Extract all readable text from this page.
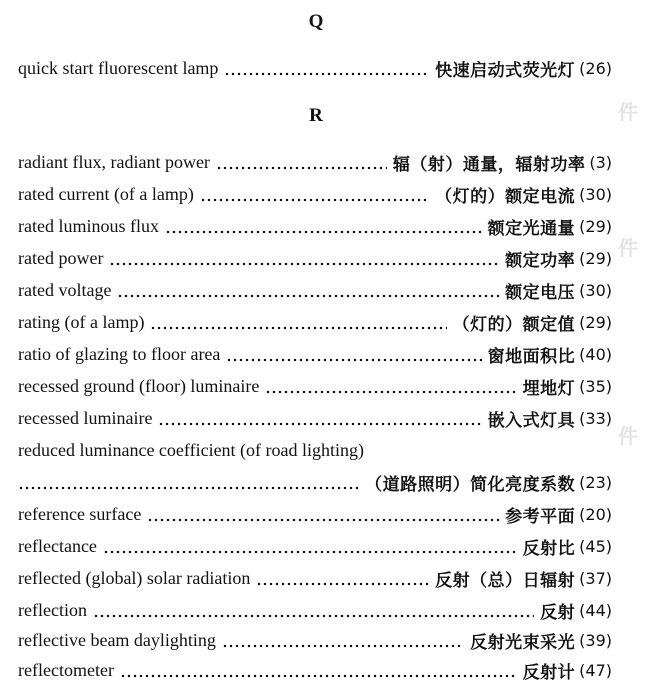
Q
quick start fluorescent lamp	快速启动式荧光灯 (26)
R
radiant flux, radiant power	辐（射）通量，辐射功率 (3)
rated current (of a lamp)	（灯的）额定电流 (30)
rated luminous flux	额定光通量 (29)
rated power	额定功率 (29)
rated voltage	额定电压 (30)
rating (of a lamp)	（灯的）额定值 (29)
ratio of glazing to floor area	窗地面积比 (40)
recessed ground (floor) luminaire	埋地灯 (35)
recessed luminaire	嵌入式灯具 (33)
reduced luminance coefficient (of road lighting)
（道路照明）简化亮度系数 (23)
reference surface	参考平面 (20)
reflectance	反射比 (45)
reflected (global) solar radiation	反射（总）日辐射 (37)
reflection	反射 (44)
reflective beam daylighting	反射光束采光 (39)
reflectometer	反射计 (47)
件
件
件
